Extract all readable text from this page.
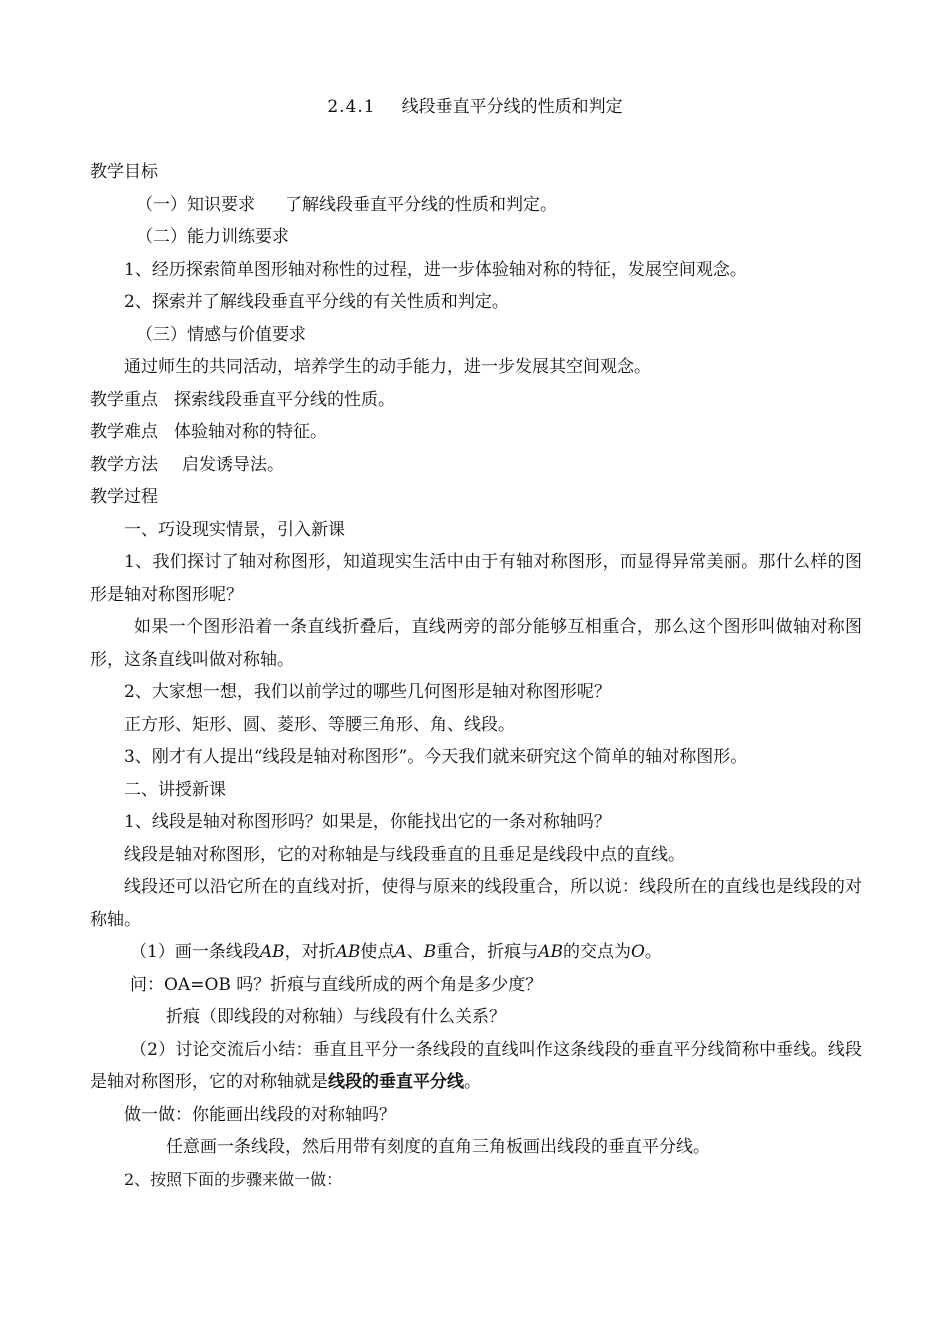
2.4.1 线段垂直平分线的性质和判定

教学目标

（一）知识要求 了解线段垂直平分线的性质和判定。

（二）能力训练要求

1、经历探索简单图形轴对称性的过程，进一步体验轴对称的特征，发展空间观念。

2、探索并了解线段垂直平分线的有关性质和判定。

（三）情感与价值要求

通过师生的共同活动，培养学生的动手能力，进一步发展其空间观念。

教学重点 探索线段垂直平分线的性质。

教学难点 体验轴对称的特征。

教学方法 启发诱导法。

教学过程

一、巧设现实情景，引入新课

1、我们探讨了轴对称图形，知道现实生活中由于有轴对称图形，而显得异常美丽。那什么样的图形是轴对称图形呢？

如果一个图形沿着一条直线折叠后，直线两旁的部分能够互相重合，那么这个图形叫做轴对称图形，这条直线叫做对称轴。

2、大家想一想，我们以前学过的哪些几何图形是轴对称图形呢？

正方形、矩形、圆、菱形、等腰三角形、角、线段。

3、刚才有人提出“线段是轴对称图形”。今天我们就来研究这个简单的轴对称图形。

二、讲授新课

1、线段是轴对称图形吗？如果是，你能找出它的一条对称轴吗？

线段是轴对称图形，它的对称轴是与线段垂直的且垂足是线段中点的直线。

线段还可以沿它所在的直线对折，使得与原来的线段重合，所以说：线段所在的直线也是线段的对称轴。

（1）画一条线段AB，对折AB使点A、B重合，折痕与AB的交点为O。

问：OA=OB 吗？折痕与直线所成的两个角是多少度？

折痕（即线段的对称轴）与线段有什么关系？

（2）讨论交流后小结：垂直且平分一条线段的直线叫作这条线段的垂直平分线简称中垂线。线段是轴对称图形，它的对称轴就是线段的垂直平分线。

做一做：你能画出线段的对称轴吗？

任意画一条线段，然后用带有刻度的直角三角板画出线段的垂直平分线。

2、按照下面的步骤来做一做：
